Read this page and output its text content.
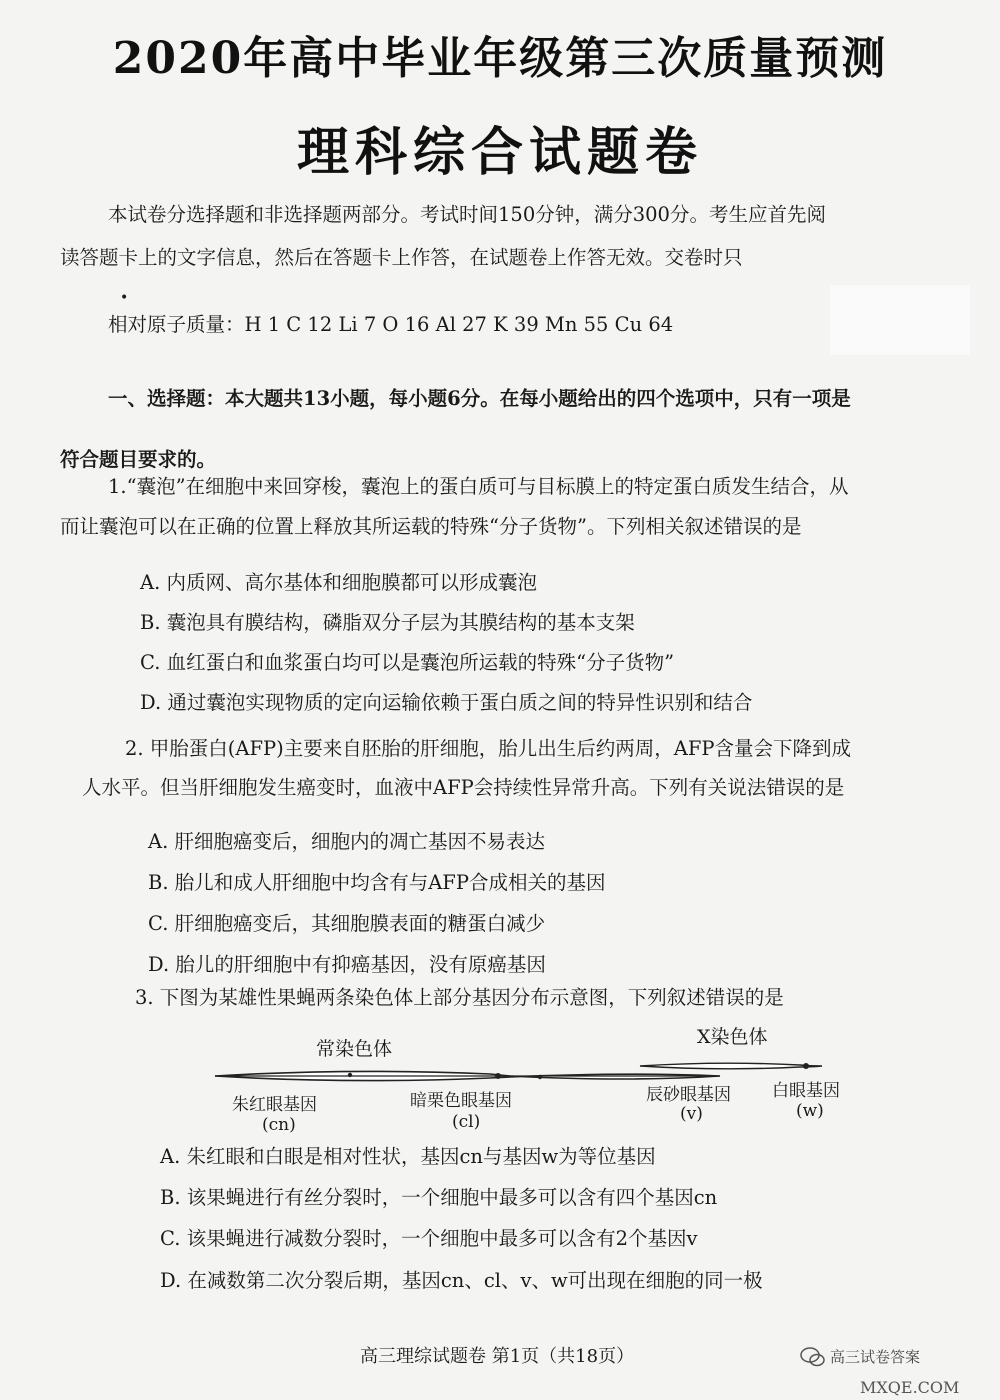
2020年高中毕业年级第三次质量预测
理科综合试题卷
本试卷分选择题和非选择题两部分。考试时间150分钟，满分300分。考生应首先阅
读答题卡上的文字信息，然后在答题卡上作答，在试题卷上作答无效。交卷时只
•
相对原子质量：H 1 C 12 Li 7 O 16 Al 27 K 39 Mn 55 Cu 64
一、选择题：本大题共13小题，每小题6分。在每小题给出的四个选项中，只有一项是
符合题目要求的。
1.“囊泡”在细胞中来回穿梭，囊泡上的蛋白质可与目标膜上的特定蛋白质发生结合，从
而让囊泡可以在正确的位置上释放其所运载的特殊“分子货物”。下列相关叙述错误的是
A. 内质网、高尔基体和细胞膜都可以形成囊泡
B. 囊泡具有膜结构，磷脂双分子层为其膜结构的基本支架
C. 血红蛋白和血浆蛋白均可以是囊泡所运载的特殊“分子货物”
D. 通过囊泡实现物质的定向运输依赖于蛋白质之间的特异性识别和结合
2. 甲胎蛋白(AFP)主要来自胚胎的肝细胞，胎儿出生后约两周，AFP含量会下降到成
人水平。但当肝细胞发生癌变时，血液中AFP会持续性异常升高。下列有关说法错误的是
A. 肝细胞癌变后，细胞内的凋亡基因不易表达
B. 胎儿和成人肝细胞中均含有与AFP合成相关的基因
C. 肝细胞癌变后，其细胞膜表面的糖蛋白减少
D. 胎儿的肝细胞中有抑癌基因，没有原癌基因
3. 下图为某雄性果蝇两条染色体上部分基因分布示意图，下列叙述错误的是
常染色体
X染色体
朱红眼基因
(cn)
暗栗色眼基因
(cl)
辰砂眼基因
(v)
白眼基因
(w)
A. 朱红眼和白眼是相对性状，基因cn与基因w为等位基因
B. 该果蝇进行有丝分裂时，一个细胞中最多可以含有四个基因cn
C. 该果蝇进行减数分裂时，一个细胞中最多可以含有2个基因v
D. 在减数第二次分裂后期，基因cn、cl、v、w可出现在细胞的同一极
高三理综试题卷 第1页（共18页）
MXQE.COM
高三试卷答案
